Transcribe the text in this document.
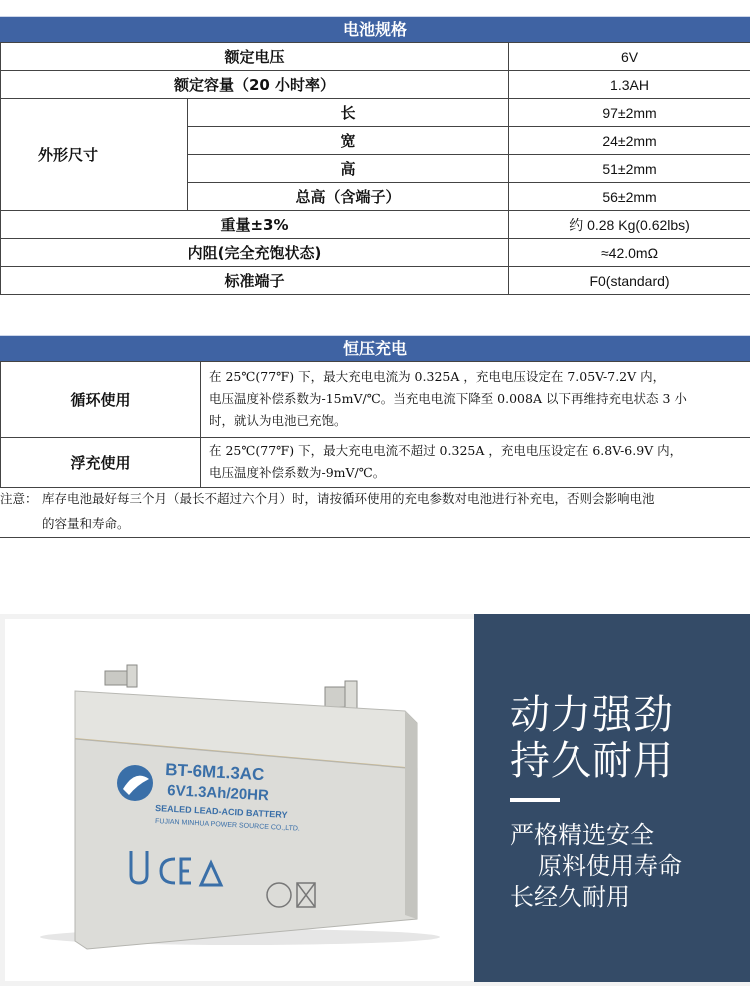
电池规格
额定电压		6V
额定容量（20 小时率）		1.3AH
外形尺寸	长	97±2mm
	宽	24±2mm
	高	51±2mm
	总高（含端子）	56±2mm
重量±3%		约 0.28 Kg(0.62lbs)
内阻(完全充饱状态)		≈42.0mΩ
标准端子		F0(standard)
恒压充电
循环使用	在 25℃(77℉) 下，最大充电电流为 0.325A ，充电电压设定在 7.05V-7.2V 内，
电压温度补偿系数为-15mV/℃。当充电电流下降至 0.008A 以下再维持充电状态 3 小
时，就认为电池已充饱。

浮充使用	在 25℃(77℉) 下，最大充电电流不超过 0.325A ，充电电压设定在 6.8V-6.9V 内，
电压温度补偿系数为-9mV/℃。
注意： 库存电池最好每三个月（最长不超过六个月）时，请按循环使用的充电参数对电池进行补充电，否则会影响电池
的容量和寿命。
BT-6M1.3AC
6V1.3Ah/20HR
SEALED LEAD-ACID BATTERY
FUJIAN MINHUA POWER SOURCE CO.,LTD.
动力强劲
持久耐用
严格精选安全
原料使用寿命
长经久耐用
